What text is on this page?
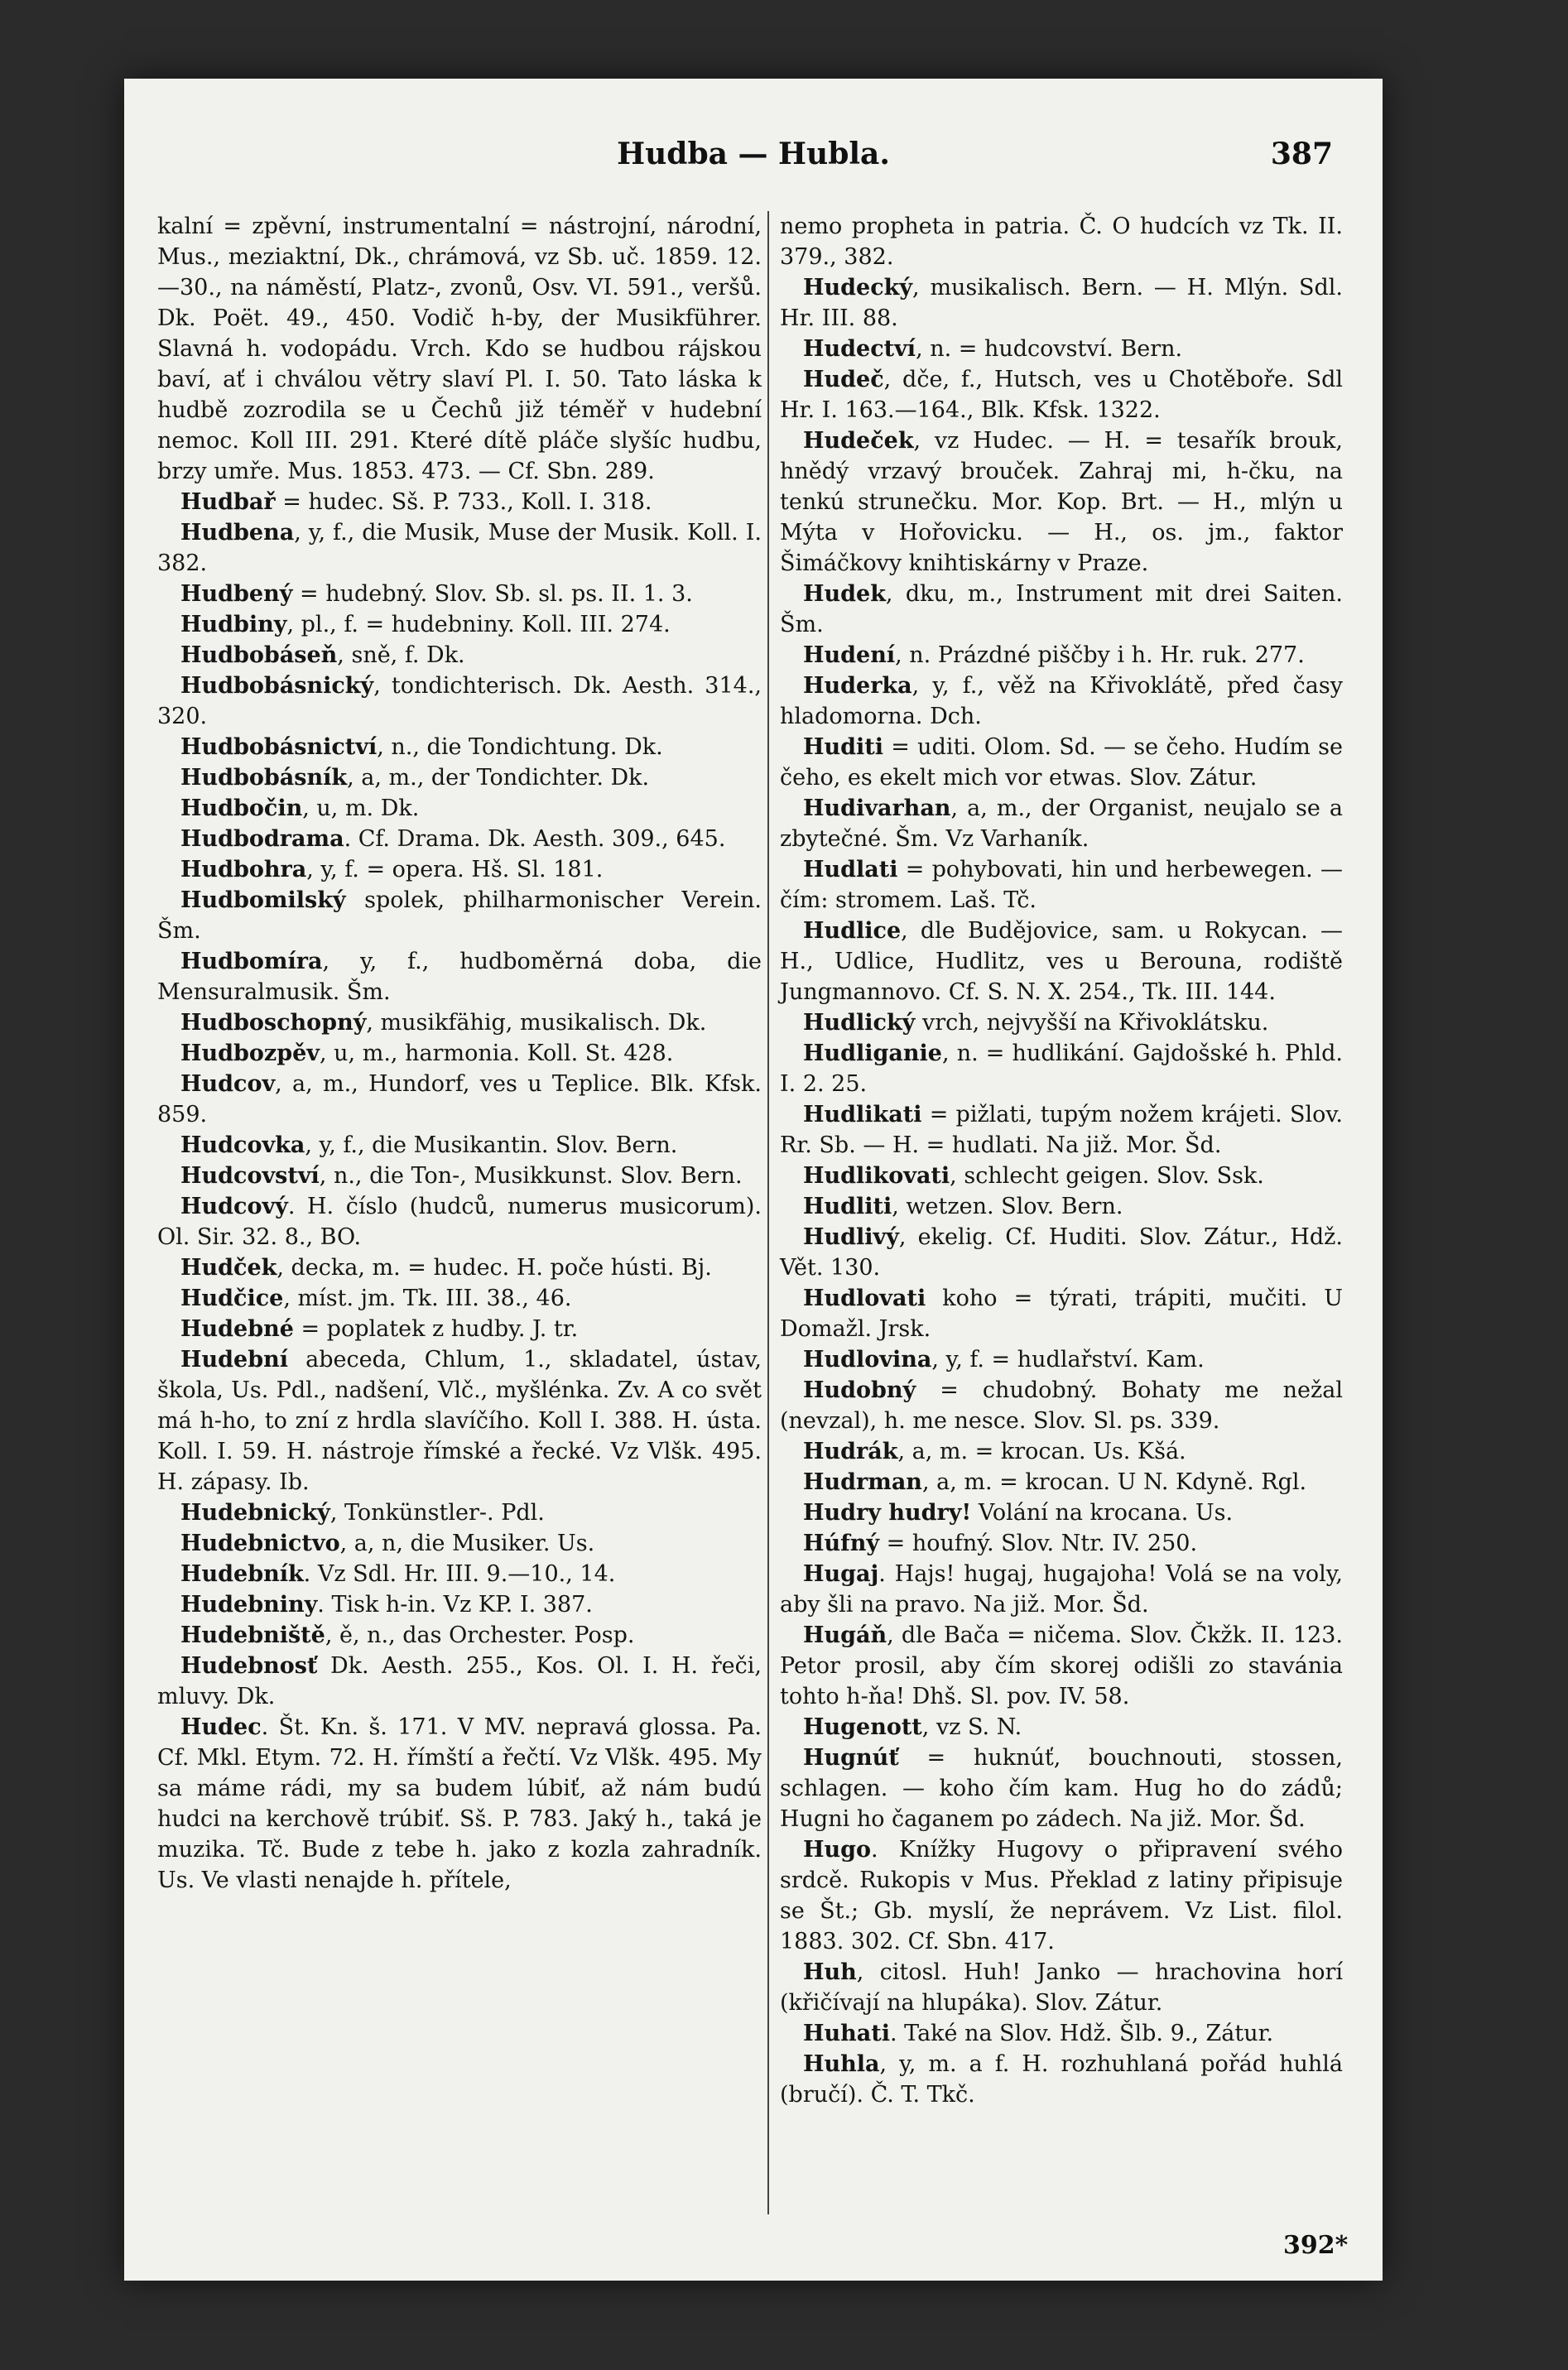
Hudba — Hubla.	387

kalní = zpěvní, instrumentalní = nástrojní, národní, Mus., meziaktní, Dk., chrámová, vz Sb. uč. 1859. 12.—30., na náměstí, Platz-, zvonů, Osv. VI. 591., veršů. Dk. Poët. 49., 450. Vodič h-by, der Musikführer. Slavná h. vodopádu. Vrch. Kdo se hudbou rájskou baví, ať i chválou větry slaví Pl. I. 50. Tato láska k hudbě zozrodila se u Čechů již téměř v hudební nemoc. Koll III. 291. Které dítě pláče slyšíc hudbu, brzy umře. Mus. 1853. 473. — Cf. Sbn. 289.

Hudbař = hudec. Sš. P. 733., Koll. I. 318.

Hudbena, y, f., die Musik, Muse der Musik. Koll. I. 382.

Hudbený = hudebný. Slov. Sb. sl. ps. II. 1. 3.

Hudbiny, pl., f. = hudebniny. Koll. III. 274.

Hudbobáseň, sně, f. Dk.

Hudbobásnický, tondichterisch. Dk. Aesth. 314., 320.

Hudbobásnictví, n., die Tondichtung. Dk.

Hudbobásník, a, m., der Tondichter. Dk.

Hudbočin, u, m. Dk.

Hudbodrama. Cf. Drama. Dk. Aesth. 309., 645.

Hudbohra, y, f. = opera. Hš. Sl. 181.

Hudbomilský spolek, philharmonischer Verein. Šm.

Hudbomíra, y, f., hudboměrná doba, die Mensuralmusik. Šm.

Hudboschopný, musikfähig, musikalisch. Dk.

Hudbozpěv, u, m., harmonia. Koll. St. 428.

Hudcov, a, m., Hundorf, ves u Teplice. Blk. Kfsk. 859.

Hudcovka, y, f., die Musikantin. Slov. Bern.

Hudcovství, n., die Ton-, Musikkunst. Slov. Bern.

Hudcový. H. číslo (hudců, numerus musicorum). Ol. Sir. 32. 8., BO.

Hudček, decka, m. = hudec. H. poče hústi. Bj.

Hudčice, míst. jm. Tk. III. 38., 46.

Hudebné = poplatek z hudby. J. tr.

Hudební abeceda, Chlum, 1., skladatel, ústav, škola, Us. Pdl., nadšení, Vlč., myšlénka. Zv. A co svět má h-ho, to zní z hrdla slavíčího. Koll I. 388. H. ústa. Koll. I. 59. H. nástroje římské a řecké. Vz Vlšk. 495. H. zápasy. Ib.

Hudebnický, Tonkünstler-. Pdl.

Hudebnictvo, a, n, die Musiker. Us.

Hudebník. Vz Sdl. Hr. III. 9.—10., 14.

Hudebniny. Tisk h-in. Vz KP. I. 387.

Hudebniště, ě, n., das Orchester. Posp.

Hudebnosť Dk. Aesth. 255., Kos. Ol. I. H. řeči, mluvy. Dk.

Hudec. Št. Kn. š. 171. V MV. nepravá glossa. Pa. Cf. Mkl. Etym. 72. H. římští a řečtí. Vz Vlšk. 495. My sa máme rádi, my sa budem lúbiť, až nám budú hudci na kerchově trúbiť. Sš. P. 783. Jaký h., taká je muzika. Tč. Bude z tebe h. jako z kozla zahradník. Us. Ve vlasti nenajde h. přítele,

nemo propheta in patria. Č. O hudcích vz Tk. II. 379., 382.

Hudecký, musikalisch. Bern. — H. Mlýn. Sdl. Hr. III. 88.

Hudectví, n. = hudcovství. Bern.

Hudeč, dče, f., Hutsch, ves u Chotěboře. Sdl Hr. I. 163.—164., Blk. Kfsk. 1322.

Hudeček, vz Hudec. — H. = tesařík brouk, hnědý vrzavý brouček. Zahraj mi, h-čku, na tenkú strunečku. Mor. Kop. Brt. — H., mlýn u Mýta v Hořovicku. — H., os. jm., faktor Šimáčkovy knihtiskárny v Praze.

Hudek, dku, m., Instrument mit drei Saiten. Šm.

Hudení, n. Prázdné piščby i h. Hr. ruk. 277.

Huderka, y, f., věž na Křivoklátě, před časy hladomorna. Dch.

Huditi = uditi. Olom. Sd. — se čeho. Hudím se čeho, es ekelt mich vor etwas. Slov. Zátur.

Hudivarhan, a, m., der Organist, neujalo se a zbytečné. Šm. Vz Varhaník.

Hudlati = pohybovati, hin und herbewegen. — čím: stromem. Laš. Tč.

Hudlice, dle Budějovice, sam. u Rokycan. — H., Udlice, Hudlitz, ves u Berouna, rodiště Jungmannovo. Cf. S. N. X. 254., Tk. III. 144.

Hudlický vrch, nejvyšší na Křivoklátsku.

Hudliganie, n. = hudlikání. Gajdošské h. Phld. I. 2. 25.

Hudlikati = pižlati, tupým nožem krájeti. Slov. Rr. Sb. — H. = hudlati. Na již. Mor. Šd.

Hudlikovati, schlecht geigen. Slov. Ssk.

Hudliti, wetzen. Slov. Bern.

Hudlivý, ekelig. Cf. Huditi. Slov. Zátur., Hdž. Vět. 130.

Hudlovati koho = týrati, trápiti, mučiti. U Domažl. Jrsk.

Hudlovina, y, f. = hudlařství. Kam.

Hudobný = chudobný. Bohaty me nežal (nevzal), h. me nesce. Slov. Sl. ps. 339.

Hudrák, a, m. = krocan. Us. Kšá.

Hudrman, a, m. = krocan. U N. Kdyně. Rgl.

Hudry hudry! Volání na krocana. Us.

Húfný = houfný. Slov. Ntr. IV. 250.

Hugaj. Hajs! hugaj, hugajoha! Volá se na voly, aby šli na pravo. Na již. Mor. Šd.

Hugáň, dle Bača = ničema. Slov. Čkžk. II. 123. Petor prosil, aby čím skorej odišli zo stavánia tohto h-ňa! Dhš. Sl. pov. IV. 58.

Hugenott, vz S. N.

Hugnúť = huknúť, bouchnouti, stossen, schlagen. — koho čím kam. Hug ho do zádů; Hugni ho čaganem po zádech. Na již. Mor. Šd.

Hugo. Knížky Hugovy o připravení svého srdcě. Rukopis v Mus. Překlad z latiny připisuje se Št.; Gb. myslí, že neprávem. Vz List. filol. 1883. 302. Cf. Sbn. 417.

Huh, citosl. Huh! Janko — hrachovina horí (křičívají na hlupáka). Slov. Zátur.

Huhati. Také na Slov. Hdž. Šlb. 9., Zátur.

Huhla, y, m. a f. H. rozhuhlaná pořád huhlá (bručí). Č. T. Tkč.

392*
